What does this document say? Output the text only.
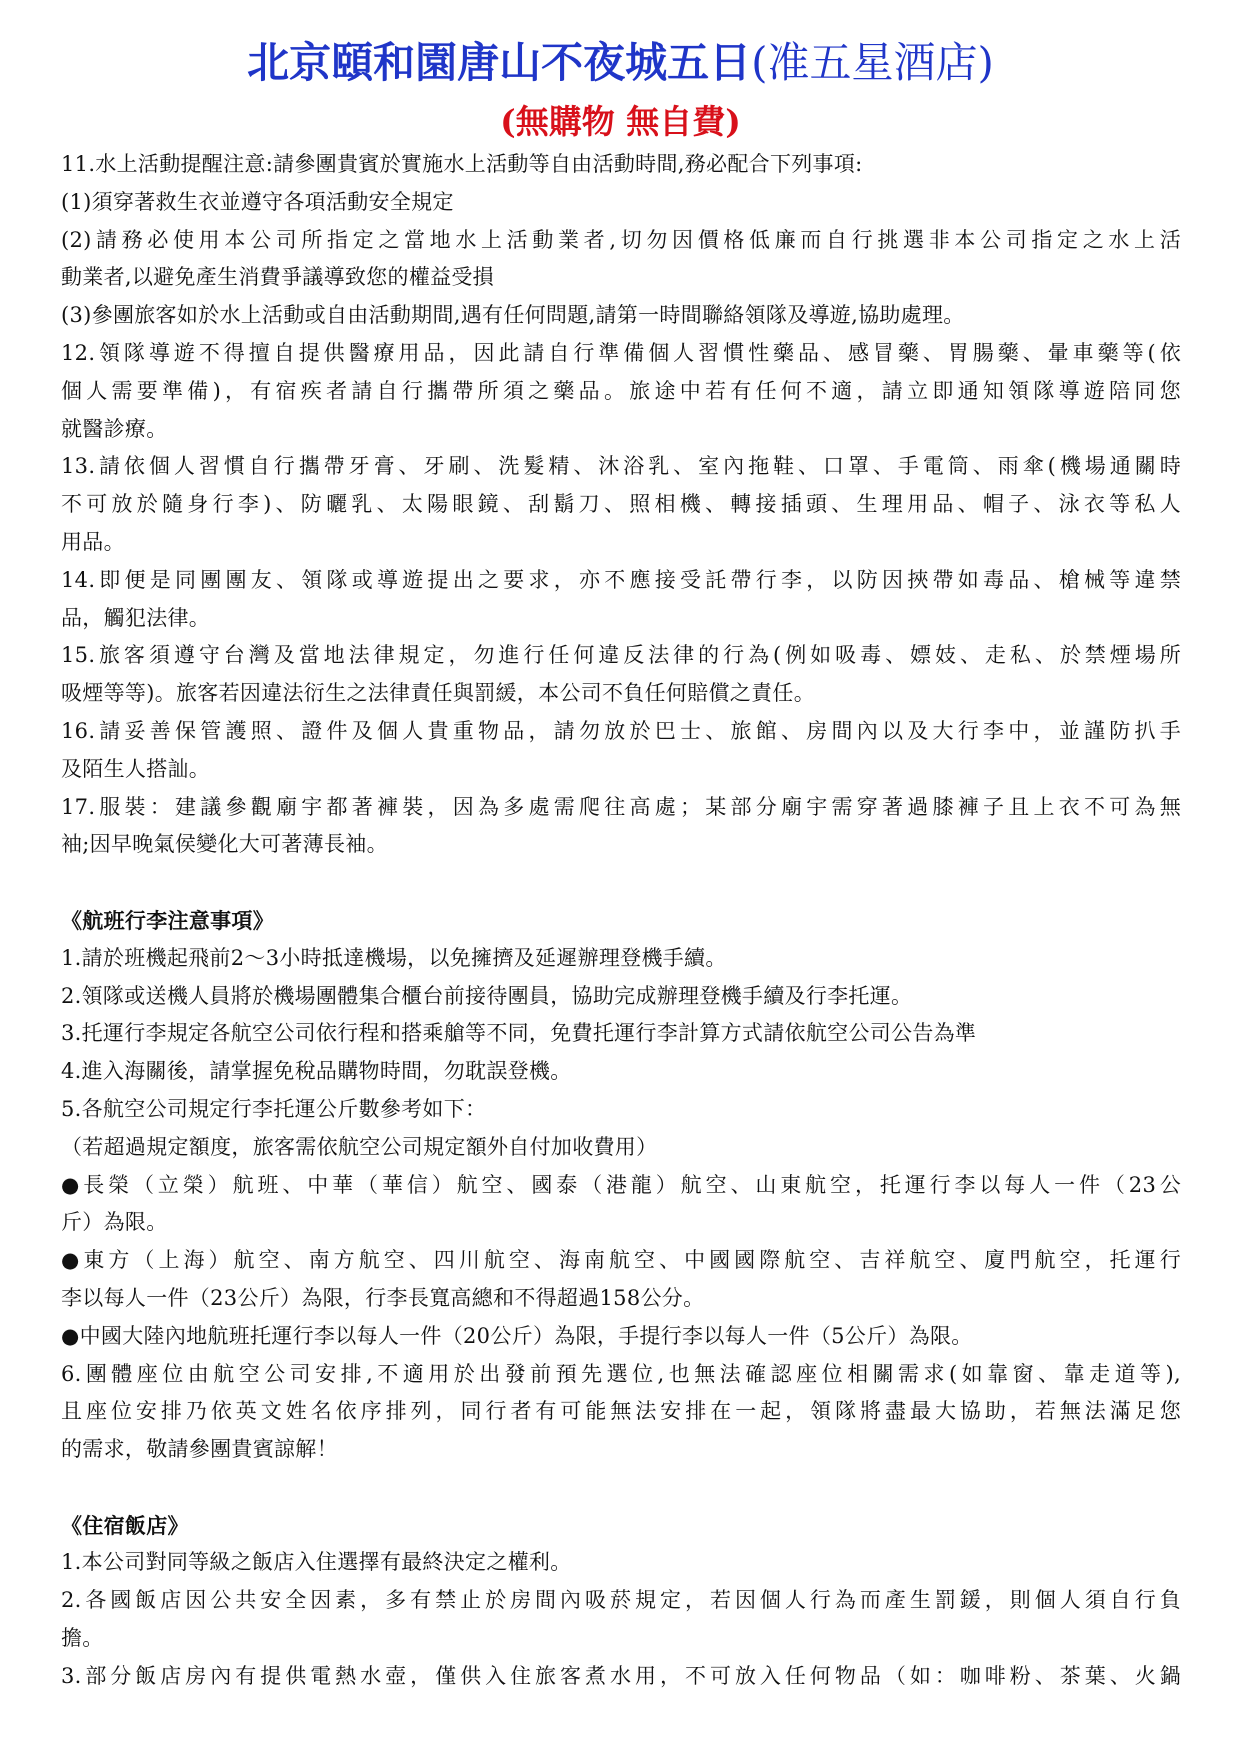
北京頤和園唐山不夜城五日(准五星酒店)
(無購物 無自費)
11.水上活動提醒注意:請參團貴賓於實施水上活動等自由活動時間,務必配合下列事項:
(1)須穿著救生衣並遵守各項活動安全規定
(2)請務必使用本公司所指定之當地水上活動業者,切勿因價格低廉而自行挑選非本公司指定之水上活
動業者,以避免產生消費爭議導致您的權益受損
(3)參團旅客如於水上活動或自由活動期間,遇有任何問題,請第一時間聯絡領隊及導遊,協助處理。
12.領隊導遊不得擅自提供醫療用品，因此請自行準備個人習慣性藥品、感冒藥、胃腸藥、暈車藥等(依
個人需要準備)，有宿疾者請自行攜帶所須之藥品。旅途中若有任何不適，請立即通知領隊導遊陪同您
就醫診療。
13.請依個人習慣自行攜帶牙膏、牙刷、洗髮精、沐浴乳、室內拖鞋、口罩、手電筒、雨傘(機場通關時
不可放於隨身行李)、防曬乳、太陽眼鏡、刮鬍刀、照相機、轉接插頭、生理用品、帽子、泳衣等私人
用品。
14.即便是同團團友、領隊或導遊提出之要求，亦不應接受託帶行李，以防因挾帶如毒品、槍械等違禁
品，觸犯法律。
15.旅客須遵守台灣及當地法律規定，勿進行任何違反法律的行為(例如吸毒、嫖妓、走私、於禁煙場所
吸煙等等)。旅客若因違法衍生之法律責任與罰緩，本公司不負任何賠償之責任。
16.請妥善保管護照、證件及個人貴重物品，請勿放於巴士、旅館、房間內以及大行李中，並謹防扒手
及陌生人搭訕。
17.服裝：建議參觀廟宇都著褲裝，因為多處需爬往高處；某部分廟宇需穿著過膝褲子且上衣不可為無
袖;因早晚氣侯變化大可著薄長袖。
《航班行李注意事項》
1.請於班機起飛前2～3小時抵達機場，以免擁擠及延遲辦理登機手續。
2.領隊或送機人員將於機場團體集合櫃台前接待團員，協助完成辦理登機手續及行李托運。
3.托運行李規定各航空公司依行程和搭乘艙等不同，免費托運行李計算方式請依航空公司公告為準
4.進入海關後，請掌握免稅品購物時間，勿耽誤登機。
5.各航空公司規定行李托運公斤數參考如下：
（若超過規定額度，旅客需依航空公司規定額外自付加收費用）
●長榮（立榮）航班、中華（華信）航空、國泰（港龍）航空、山東航空，托運行李以每人一件（23公
斤）為限。
●東方（上海）航空、南方航空、四川航空、海南航空、中國國際航空、吉祥航空、廈門航空，托運行
李以每人一件（23公斤）為限，行李長寬高總和不得超過158公分。
●中國大陸內地航班托運行李以每人一件（20公斤）為限，手提行李以每人一件（5公斤）為限。
6.團體座位由航空公司安排,不適用於出發前預先選位,也無法確認座位相關需求(如靠窗、靠走道等),
且座位安排乃依英文姓名依序排列，同行者有可能無法安排在一起，領隊將盡最大協助，若無法滿足您
的需求，敬請參團貴賓諒解！
《住宿飯店》
1.本公司對同等級之飯店入住選擇有最終決定之權利。
2.各國飯店因公共安全因素，多有禁止於房間內吸菸規定，若因個人行為而產生罰鍰，則個人須自行負
擔。
3.部分飯店房內有提供電熱水壺，僅供入住旅客煮水用，不可放入任何物品（如：咖啡粉、茶葉、火鍋
